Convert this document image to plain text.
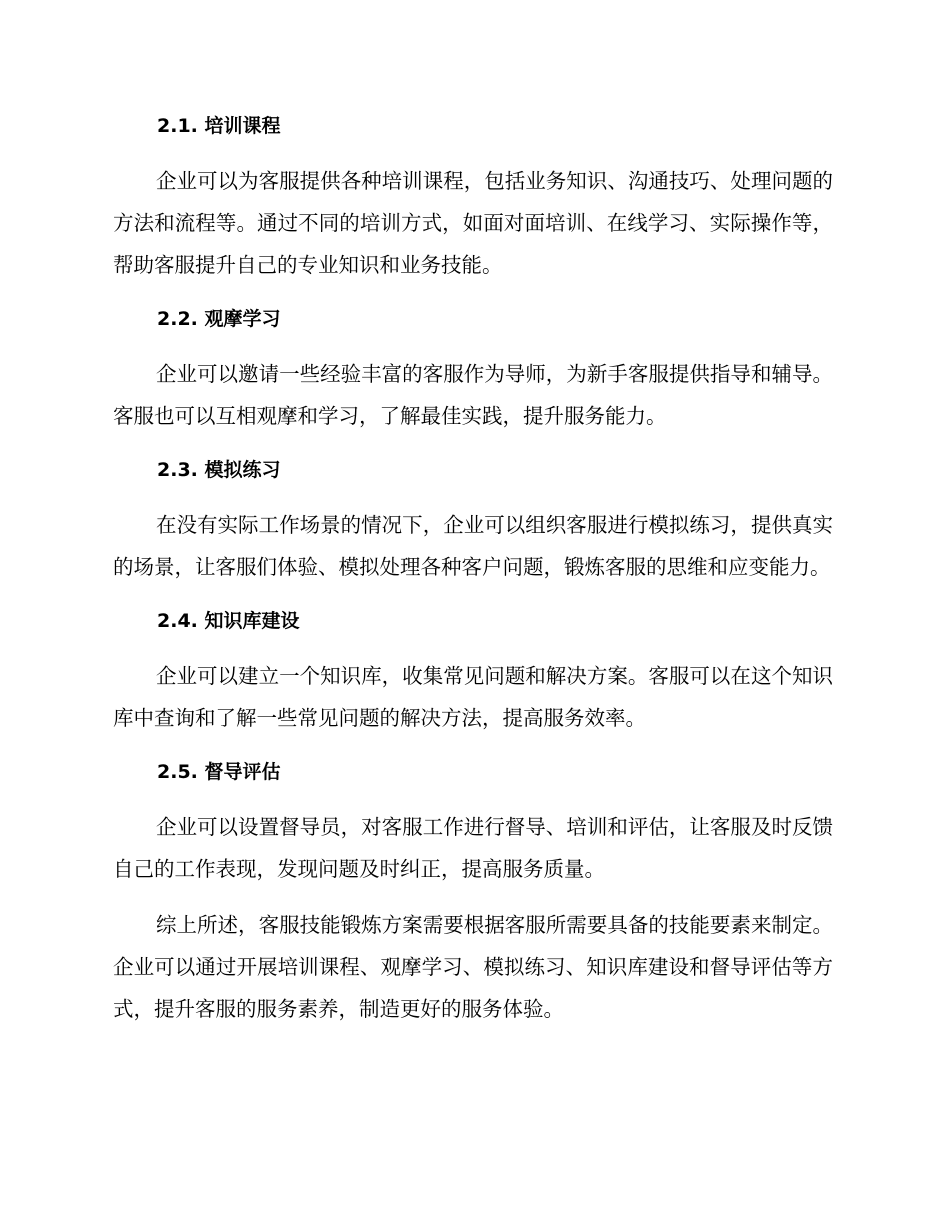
2.1. 培训课程

企业可以为客服提供各种培训课程，包括业务知识、沟通技巧、处理问题的方法和流程等。通过不同的培训方式，如面对面培训、在线学习、实际操作等，帮助客服提升自己的专业知识和业务技能。

2.2. 观摩学习

企业可以邀请一些经验丰富的客服作为导师，为新手客服提供指导和辅导。客服也可以互相观摩和学习，了解最佳实践，提升服务能力。

2.3. 模拟练习

在没有实际工作场景的情况下，企业可以组织客服进行模拟练习，提供真实的场景，让客服们体验、模拟处理各种客户问题，锻炼客服的思维和应变能力。

2.4. 知识库建设

企业可以建立一个知识库，收集常见问题和解决方案。客服可以在这个知识库中查询和了解一些常见问题的解决方法，提高服务效率。

2.5. 督导评估

企业可以设置督导员，对客服工作进行督导、培训和评估，让客服及时反馈自己的工作表现，发现问题及时纠正，提高服务质量。

综上所述，客服技能锻炼方案需要根据客服所需要具备的技能要素来制定。企业可以通过开展培训课程、观摩学习、模拟练习、知识库建设和督导评估等方式，提升客服的服务素养，制造更好的服务体验。
